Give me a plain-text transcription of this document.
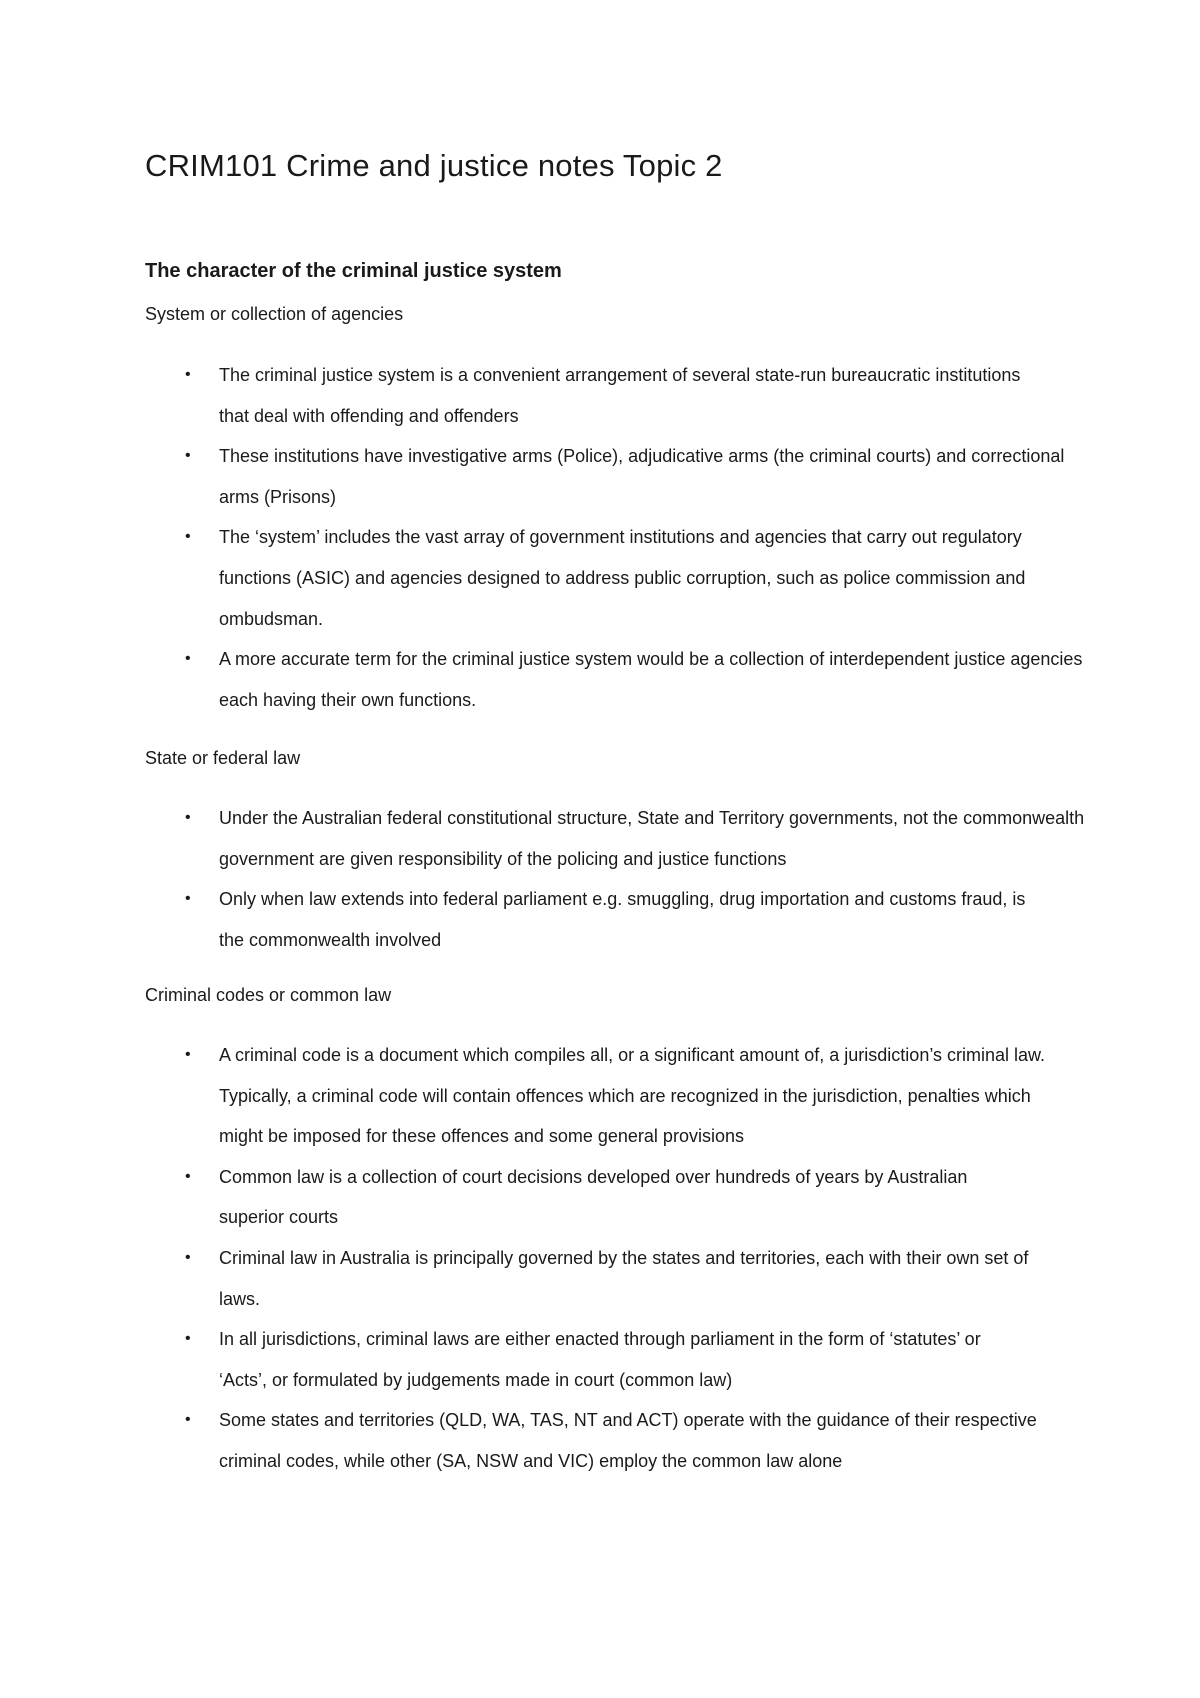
CRIM101 Crime and justice notes Topic 2
The character of the criminal justice system

System or collection of agencies

• The criminal justice system is a convenient arrangement of several state-run bureaucratic institutions that deal with offending and offenders
• These institutions have investigative arms (Police), adjudicative arms (the criminal courts) and correctional arms (Prisons)
• The ‘system’ includes the vast array of government institutions and agencies that carry out regulatory functions (ASIC) and agencies designed to address public corruption, such as police commission and ombudsman.
• A more accurate term for the criminal justice system would be a collection of interdependent justice agencies each having their own functions.

State or federal law

• Under the Australian federal constitutional structure, State and Territory governments, not the commonwealth government are given responsibility of the policing and justice functions
• Only when law extends into federal parliament e.g. smuggling, drug importation and customs fraud, is the commonwealth involved

Criminal codes or common law

• A criminal code is a document which compiles all, or a significant amount of, a jurisdiction’s criminal law. Typically, a criminal code will contain offences which are recognized in the jurisdiction, penalties which might be imposed for these offences and some general provisions
• Common law is a collection of court decisions developed over hundreds of years by Australian superior courts
• Criminal law in Australia is principally governed by the states and territories, each with their own set of laws.
• In all jurisdictions, criminal laws are either enacted through parliament in the form of ‘statutes’ or ‘Acts’, or formulated by judgements made in court (common law)
• Some states and territories (QLD, WA, TAS, NT and ACT) operate with the guidance of their respective criminal codes, while other (SA, NSW and VIC) employ the common law alone
